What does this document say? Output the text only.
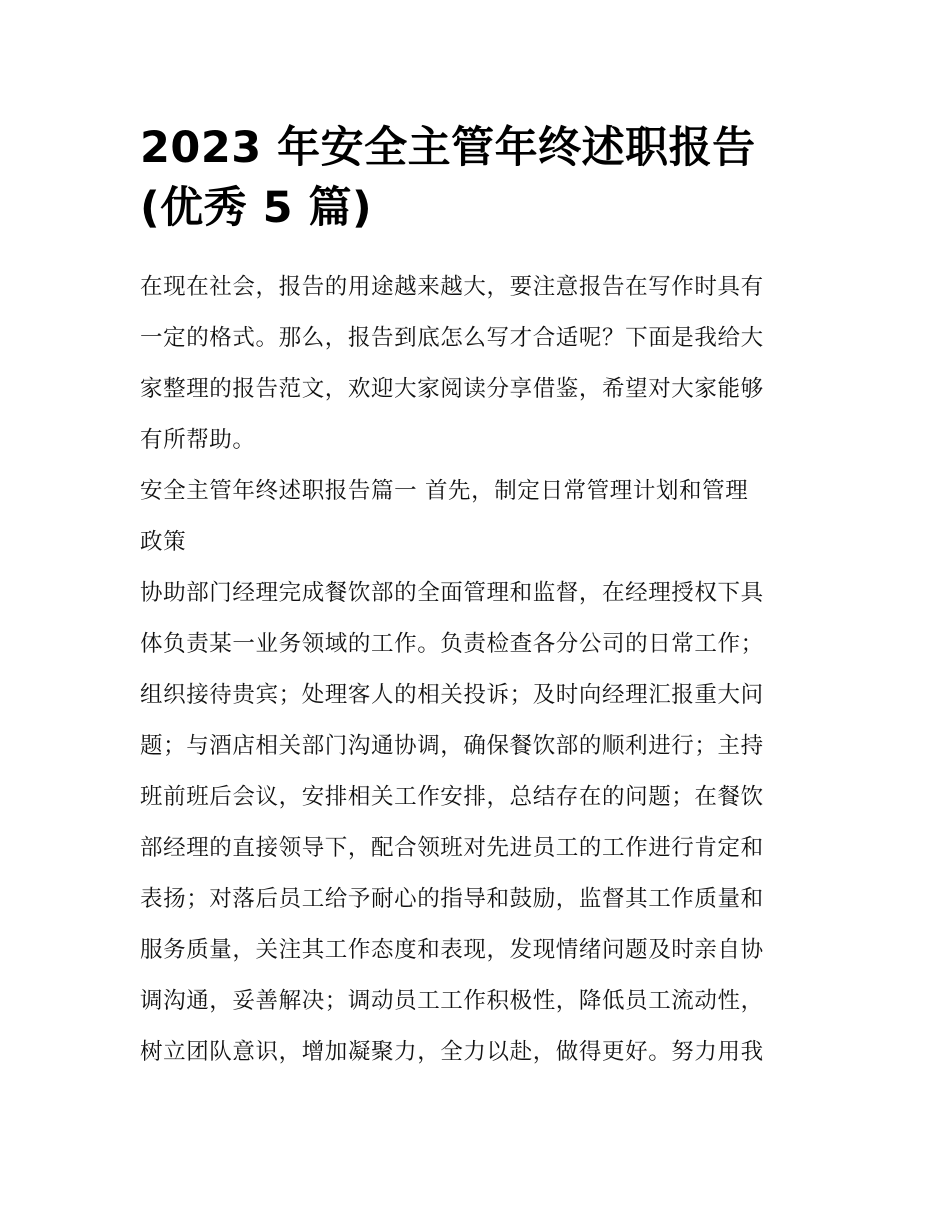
2023 年安全主管年终述职报告
(优秀 5 篇)

在现在社会，报告的用途越来越大，要注意报告在写作时具有
一定的格式。那么，报告到底怎么写才合适呢？下面是我给大
家整理的报告范文，欢迎大家阅读分享借鉴，希望对大家能够
有所帮助。

安全主管年终述职报告篇一 首先，制定日常管理计划和管理
政策

协助部门经理完成餐饮部的全面管理和监督，在经理授权下具
体负责某一业务领域的工作。负责检查各分公司的日常工作；
组织接待贵宾；处理客人的相关投诉；及时向经理汇报重大问
题；与酒店相关部门沟通协调，确保餐饮部的顺利进行；主持
班前班后会议，安排相关工作安排，总结存在的问题；在餐饮
部经理的直接领导下，配合领班对先进员工的工作进行肯定和
表扬；对落后员工给予耐心的指导和鼓励，监督其工作质量和
服务质量，关注其工作态度和表现，发现情绪问题及时亲自协
调沟通，妥善解决；调动员工工作积极性，降低员工流动性，
树立团队意识，增加凝聚力，全力以赴，做得更好。努力用我
